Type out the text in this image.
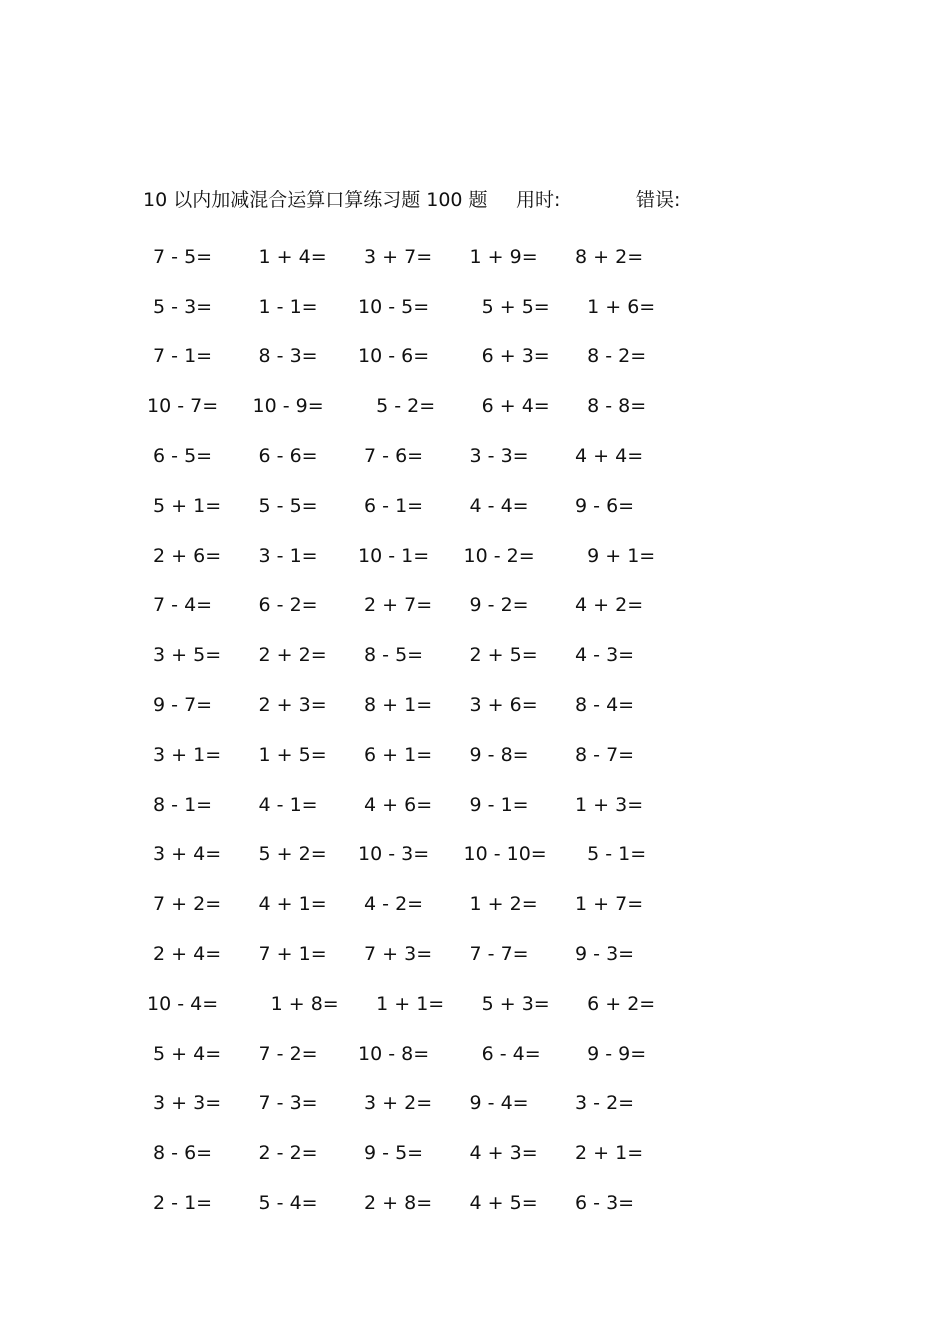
10 以内加减混合运算口算练习题 100 题 用时:	错误:
7 - 5=	1 + 4=	3 + 7=	1 + 9=	8 + 2=
5 - 3=	1 - 1=	10 - 5=	5 + 5=	1 + 6=
7 - 1=	8 - 3=	10 - 6=	6 + 3=	8 - 2=
10 - 7=	10 - 9=	5 - 2=	6 + 4=	8 - 8=
6 - 5=	6 - 6=	7 - 6=	3 - 3=	4 + 4=
5 + 1=	5 - 5=	6 - 1=	4 - 4=	9 - 6=
2 + 6=	3 - 1=	10 - 1=	10 - 2=	9 + 1=
7 - 4=	6 - 2=	2 + 7=	9 - 2=	4 + 2=
3 + 5=	2 + 2=	8 - 5=	2 + 5=	4 - 3=
9 - 7=	2 + 3=	8 + 1=	3 + 6=	8 - 4=
3 + 1=	1 + 5=	6 + 1=	9 - 8=	8 - 7=
8 - 1=	4 - 1=	4 + 6=	9 - 1=	1 + 3=
3 + 4=	5 + 2=	10 - 3=	10 - 10=	5 - 1=
7 + 2=	4 + 1=	4 - 2=	1 + 2=	1 + 7=
2 + 4=	7 + 1=	7 + 3=	7 - 7=	9 - 3=
10 - 4=	1 + 8=	1 + 1=	5 + 3=	6 + 2=
5 + 4=	7 - 2=	10 - 8=	6 - 4=	9 - 9=
3 + 3=	7 - 3=	3 + 2=	9 - 4=	3 - 2=
8 - 6=	2 - 2=	9 - 5=	4 + 3=	2 + 1=
2 - 1=	5 - 4=	2 + 8=	4 + 5=	6 - 3=
